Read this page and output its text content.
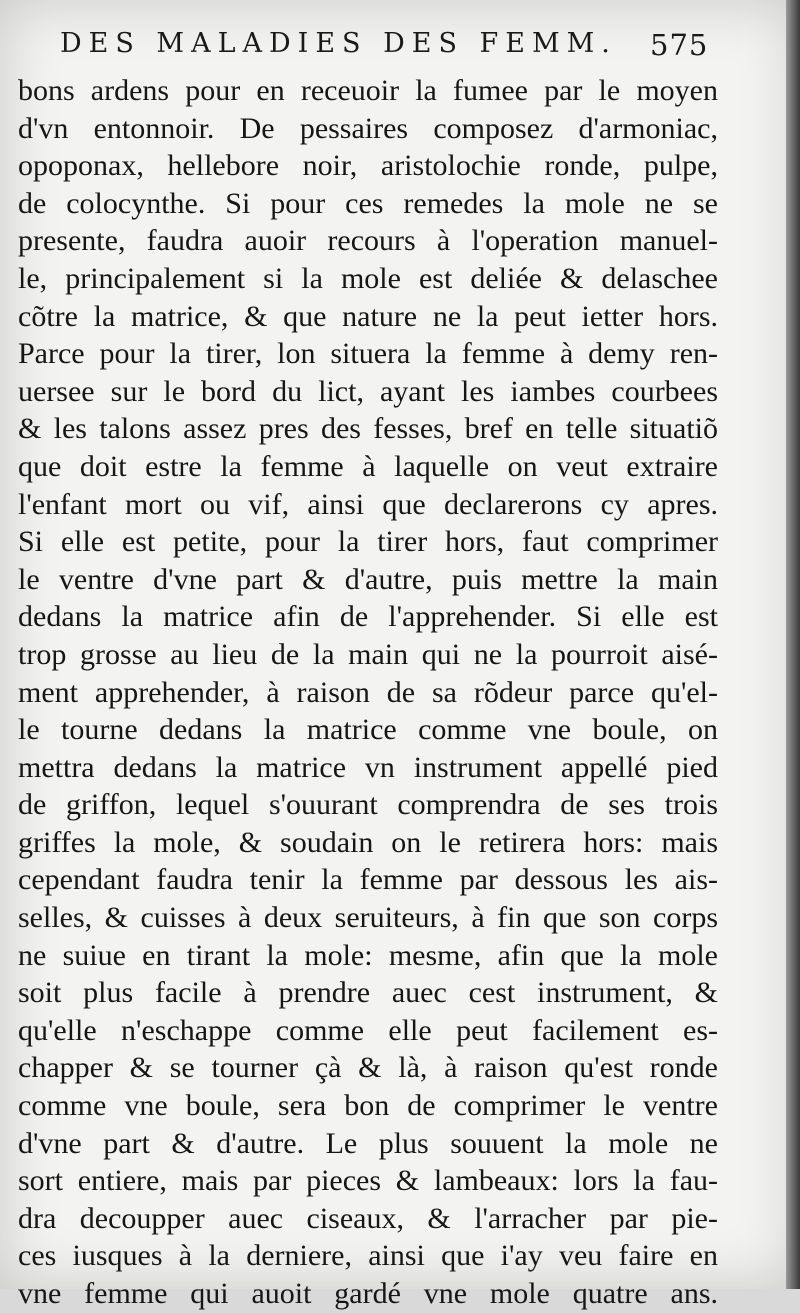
DES MALADIES DES FEMM.	575
bons ardens pour en receuoir la fumee par le moyen
d'vn entonnoir. De pessaires composez d'armoniac,
opoponax, hellebore noir, aristolochie ronde, pulpe,
de colocynthe. Si pour ces remedes la mole ne se
presente, faudra auoir recours à l'operation manuel-
le, principalement si la mole est deliée & delaschee
cõtre la matrice, & que nature ne la peut ietter hors.
Parce pour la tirer, lon situera la femme à demy ren-
uersee sur le bord du lict, ayant les iambes courbees
& les talons assez pres des fesses, bref en telle situatiõ
que doit estre la femme à laquelle on veut extraire
l'enfant mort ou vif, ainsi que declarerons cy apres.
Si elle est petite, pour la tirer hors, faut comprimer
le ventre d'vne part & d'autre, puis mettre la main
dedans la matrice afin de l'apprehender. Si elle est
trop grosse au lieu de la main qui ne la pourroit aisé-
ment apprehender, à raison de sa rõdeur parce qu'el-
le tourne dedans la matrice comme vne boule, on
mettra dedans la matrice vn instrument appellé pied
de griffon, lequel s'ouurant comprendra de ses trois
griffes la mole, & soudain on le retirera hors: mais
cependant faudra tenir la femme par dessous les ais-
selles, & cuisses à deux seruiteurs, à fin que son corps
ne suiue en tirant la mole: mesme, afin que la mole
soit plus facile à prendre auec cest instrument, &
qu'elle n'eschappe comme elle peut facilement es-
chapper & se tourner çà & là, à raison qu'est ronde
comme vne boule, sera bon de comprimer le ventre
d'vne part & d'autre. Le plus souuent la mole ne
sort entiere, mais par pieces & lambeaux: lors la fau-
dra decoupper auec ciseaux, & l'arracher par pie-
ces iusques à la derniere, ainsi que i'ay veu faire en
vne femme qui auoit gardé vne mole quatre ans.
